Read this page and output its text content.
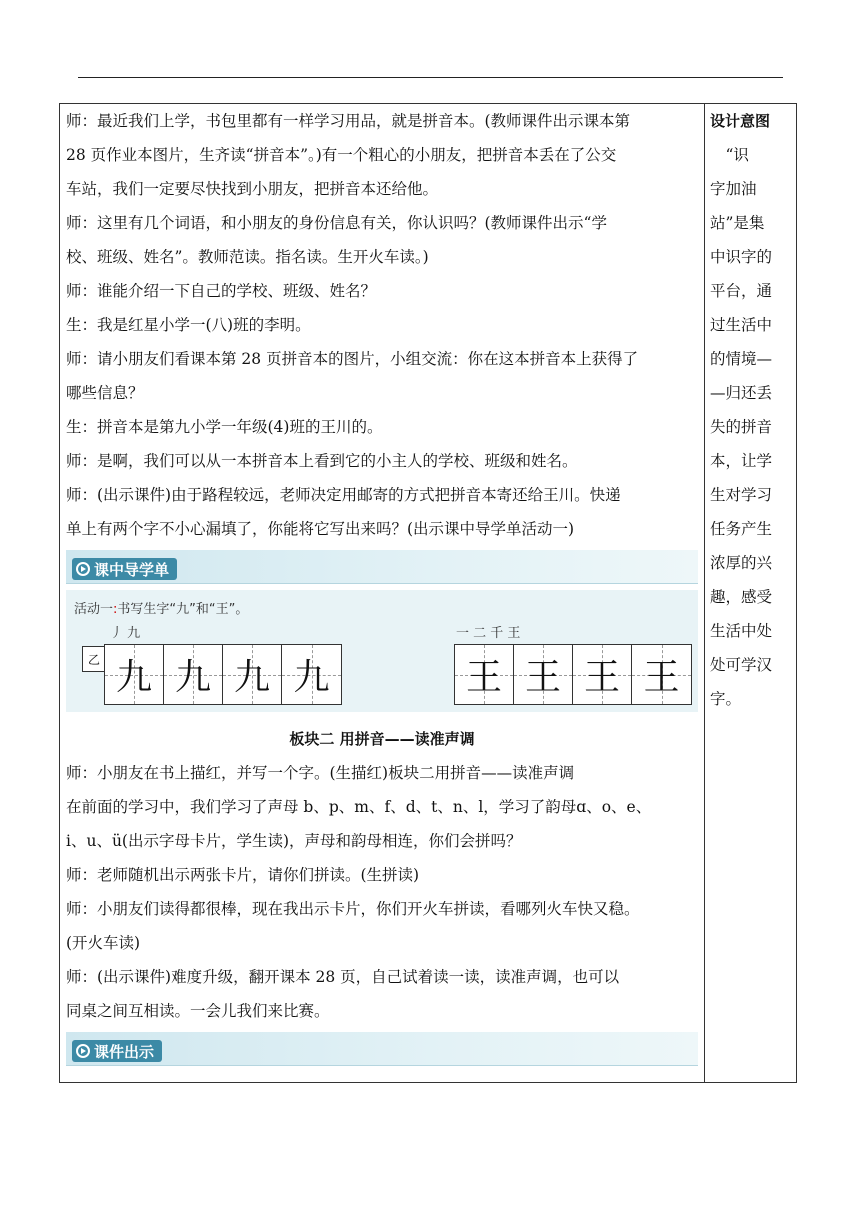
师：最近我们上学，书包里都有一样学习用品，就是拼音本。(教师课件出示课本第

28 页作业本图片，生齐读“拼音本”。)有一个粗心的小朋友，把拼音本丢在了公交

车站，我们一定要尽快找到小朋友，把拼音本还给他。

师：这里有几个词语，和小朋友的身份信息有关，你认识吗？(教师课件出示“学

校、班级、姓名”。教师范读。指名读。生开火车读。)

师：谁能介绍一下自己的学校、班级、姓名？

生：我是红星小学一(八)班的李明。

师：请小朋友们看课本第 28 页拼音本的图片，小组交流：你在这本拼音本上获得了

哪些信息？

生：拼音本是第九小学一年级(4)班的王川的。

师：是啊，我们可以从一本拼音本上看到它的小主人的学校、班级和姓名。

师：(出示课件)由于路程较远，老师决定用邮寄的方式把拼音本寄还给王川。快递

单上有两个字不小心漏填了，你能将它写出来吗？(出示课中导学单活动一)

课中导学单
活动一:书写生字“九”和“王”。
丿 九
乙 九 九 九 九
一 二 千 王
王 王 王 王
板块二 用拼音——读准声调

师：小朋友在书上描红，并写一个字。(生描红)板块二用拼音——读准声调

在前面的学习中，我们学习了声母 b、p、m、f、d、t、n、l，学习了韵母ɑ、o、e、

i、u、ü(出示字母卡片，学生读)，声母和韵母相连，你们会拼吗？

师：老师随机出示两张卡片，请你们拼读。(生拼读)

师：小朋友们读得都很棒，现在我出示卡片，你们开火车拼读，看哪列火车快又稳。

(开火车读)

师：(出示课件)难度升级，翻开课本 28 页，自己试着读一读，读准声调，也可以

同桌之间互相读。一会儿我们来比赛。

课件出示
设计意图
　“识
字加油
站”是集
中识字的
平台，通
过生活中
的情境—
—归还丢
失的拼音
本，让学
生对学习
任务产生
浓厚的兴
趣，感受
生活中处
处可学汉
字。
